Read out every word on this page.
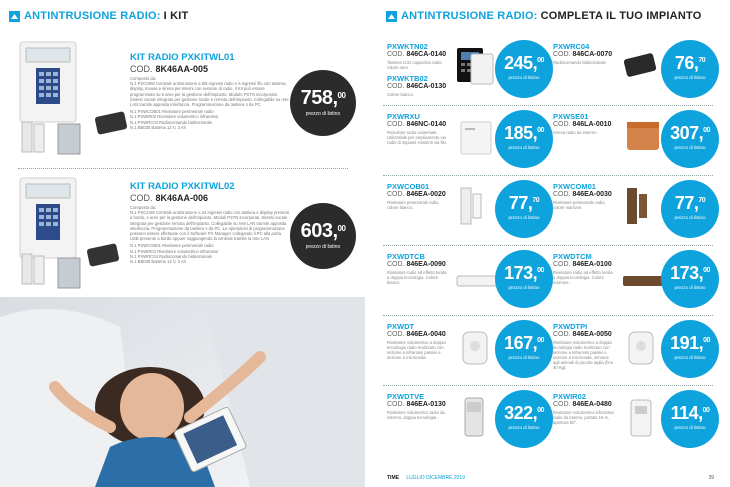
ANTINTRUSIONE RADIO: I KIT
KIT RADIO PXKITWL01
COD. 8K46AA-005
Composto da:
N.1 PXC08W Centrale antintrusione a 8/8 ingressi radio e 6 ingressi filo con tastiera, display, mouse e sirena per interni con sensore di radio. Il Kit può essere programmato su 6 aree per la gestione dell'impianto. Modulo PSTN incorporato. Sintesi vocale integrata per gestione locale e remota dell'impianto. Collegabile su rete LAN tramite apposita interfaccia. Programmazione da tastiera o da PC.
N.1 PXWCOB01 Rivelatore perimetrale radio
N.1 PXWIR02 Rivelatore volumetrico infrarosso
N.1 PXWRC04 Radiocomando bidirezionale
N.1 BB030 Batteria 12 V, 3 Ah
758,00
prezzo di listino
KIT RADIO PXKITWL02
COD. 8K46AA-006
Composto da:
N.1 PXC24W Centrale antintrusione a 24 ingressi radio con tastiera e display presenti a bordo, e aree per la gestione dell'impianto. Moduli PSTN incorporati. Sintesi vocale integrata per gestione remota dell'impianto. Collegabile su rete LAN tramite apposita interfaccia. Programmazione da tastiera o da PC. Le operazioni di programmazione possono essere effettuate con il Software PX Manager collegando il PC alla porta USB presente a bordo oppure raggiungendo la centrale tramite la rete LAN
N.1 PXWCOB01 Rivelatore perimetrale radio
N.1 PXWIR02 Rivelatore volumetrico infrarosso
N.1 PXWRC04 Radiocomando bidirezionale
N.1 BB030 Batteria 12 V, 3 Ah
603,00
prezzo di listino
ANTINTRUSIONE RADIO: COMPLETA IL TUO IMPIANTO
PXWKTN02
COD. 846CA-0140
Tastiera LCD capacitiva radio, colore nero.
PXWKTB02
COD. 846CA-0130
Colore bianco.
245,00
prezzo di listino
PXWRC04
COD. 846CA-0070
Radiocomando bidirezionale	76,70
prezzo di listino
PXWRXU
COD. 846NC-0140
Ricevitore radio universale. Utilizzabile per ampliamento via radio di impianti esistenti via filo.	185,00
prezzo di listino
PXWSE01
COD. 846LA-0010
Sirena radio da esterno	307,00
prezzo di listino
PXWCOB01
COD. 846EA-0020
Rivelatore perimetrale radio, colore bianco.	77,70
prezzo di listino
PXWCOM01
COD. 846EA-0030
Rivelatore perimetrale radio, colore marrone.	77,70
prezzo di listino
PXWDTCB
COD. 846EA-0090
Rivelatore radio ad effetto tenda a doppia tecnologia. Colore bianco.	173,00
prezzo di listino
PXWDTCM
COD. 846EA-0100
Rivelatore radio ad effetto tenda a doppia tecnologia. Colore marrone.	173,00
prezzo di listino
PXWDT
COD. 846EA-0040
Rivelatore volumetrico a doppia tecnologia radio realizzato con sezione a infrarossi passivi e sezione a microonda.
167,00
prezzo di listino
PXWDTPI
COD. 846EA-0050
Rivelatore volumetrico a doppia tecnologia radio realizzato con sezione a infrarossi passivi e sezione a microonda, immune agli animali di piccola taglia (fino 30 Kg).
191,00
prezzo di listino
PXWDTVE
COD. 846EA-0130
Rivelatore volumetrico radio da esterno, doppia tecnologia.	322,00
prezzo di listino
PXWIR02
COD. 846EA-0480
Rivelatore volumetrico infrarosso radio da interno, portata 15 m, apertura 90°.	114,00
prezzo di listino
39
TIME LUGLIO DICEMBRE 2019
